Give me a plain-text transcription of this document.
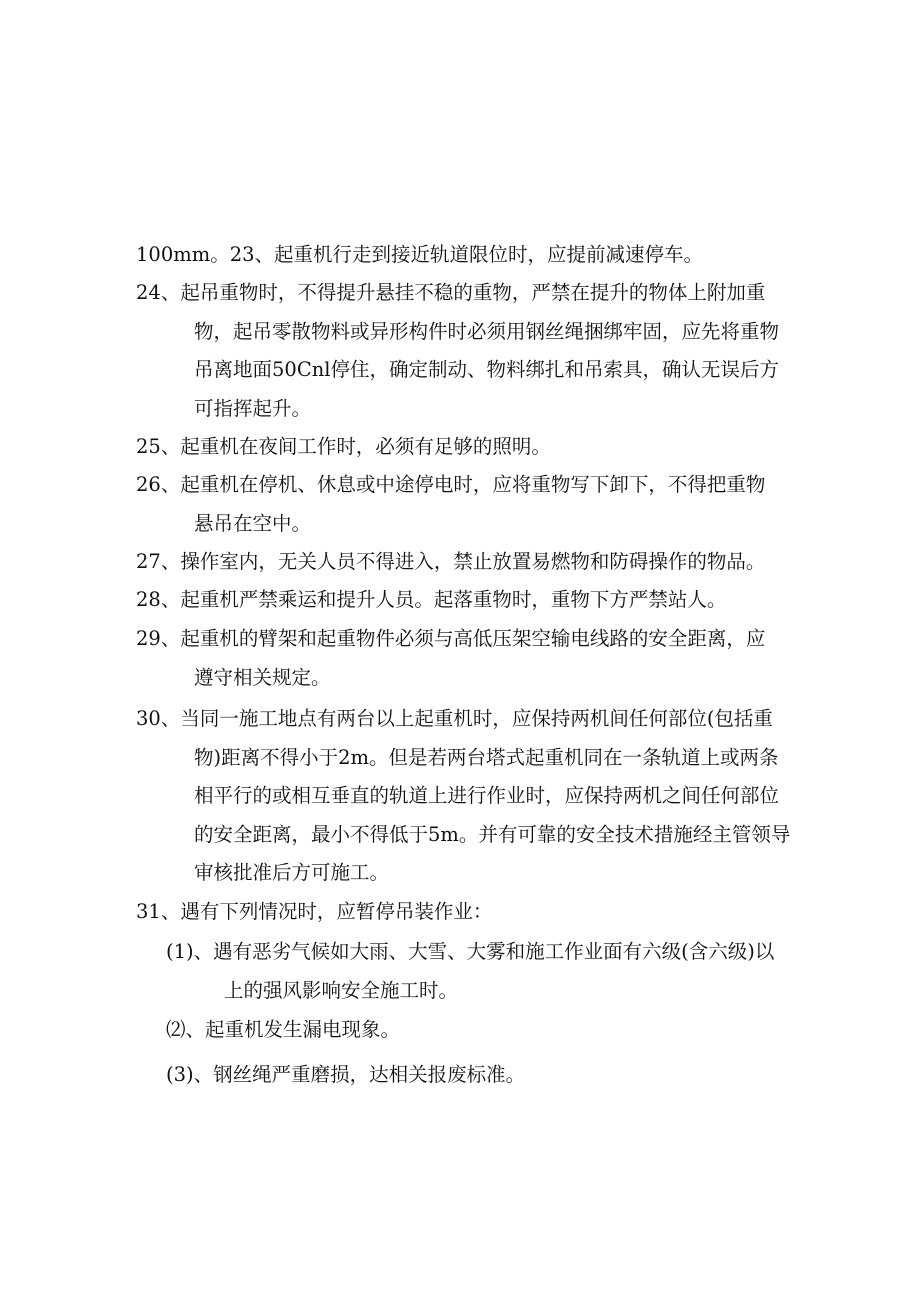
100mm。23、起重机行走到接近轨道限位时，应提前减速停车。
24、起吊重物时，不得提升悬挂不稳的重物，严禁在提升的物体上附加重
物，起吊零散物料或异形构件时必须用钢丝绳捆绑牢固，应先将重物
吊离地面50Cnl停住，确定制动、物料绑扎和吊索具，确认无误后方
可指挥起升。
25、起重机在夜间工作时，必须有足够的照明。
26、起重机在停机、休息或中途停电时，应将重物写下卸下，不得把重物
悬吊在空中。
27、操作室内，无关人员不得进入，禁止放置易燃物和防碍操作的物品。
28、起重机严禁乘运和提升人员。起落重物时，重物下方严禁站人。
29、起重机的臂架和起重物件必须与高低压架空输电线路的安全距离，应
遵守相关规定。
30、当同一施工地点有两台以上起重机时，应保持两机间任何部位(包括重
物)距离不得小于2m。但是若两台塔式起重机同在一条轨道上或两条
相平行的或相互垂直的轨道上进行作业时，应保持两机之间任何部位
的安全距离，最小不得低于5m。并有可靠的安全技术措施经主管领导
审核批准后方可施工。
31、遇有下列情况时，应暂停吊装作业：
(1)、遇有恶劣气候如大雨、大雪、大雾和施工作业面有六级(含六级)以
上的强风影响安全施工时。
⑵、起重机发生漏电现象。
(3)、钢丝绳严重磨损，达相关报废标准。
